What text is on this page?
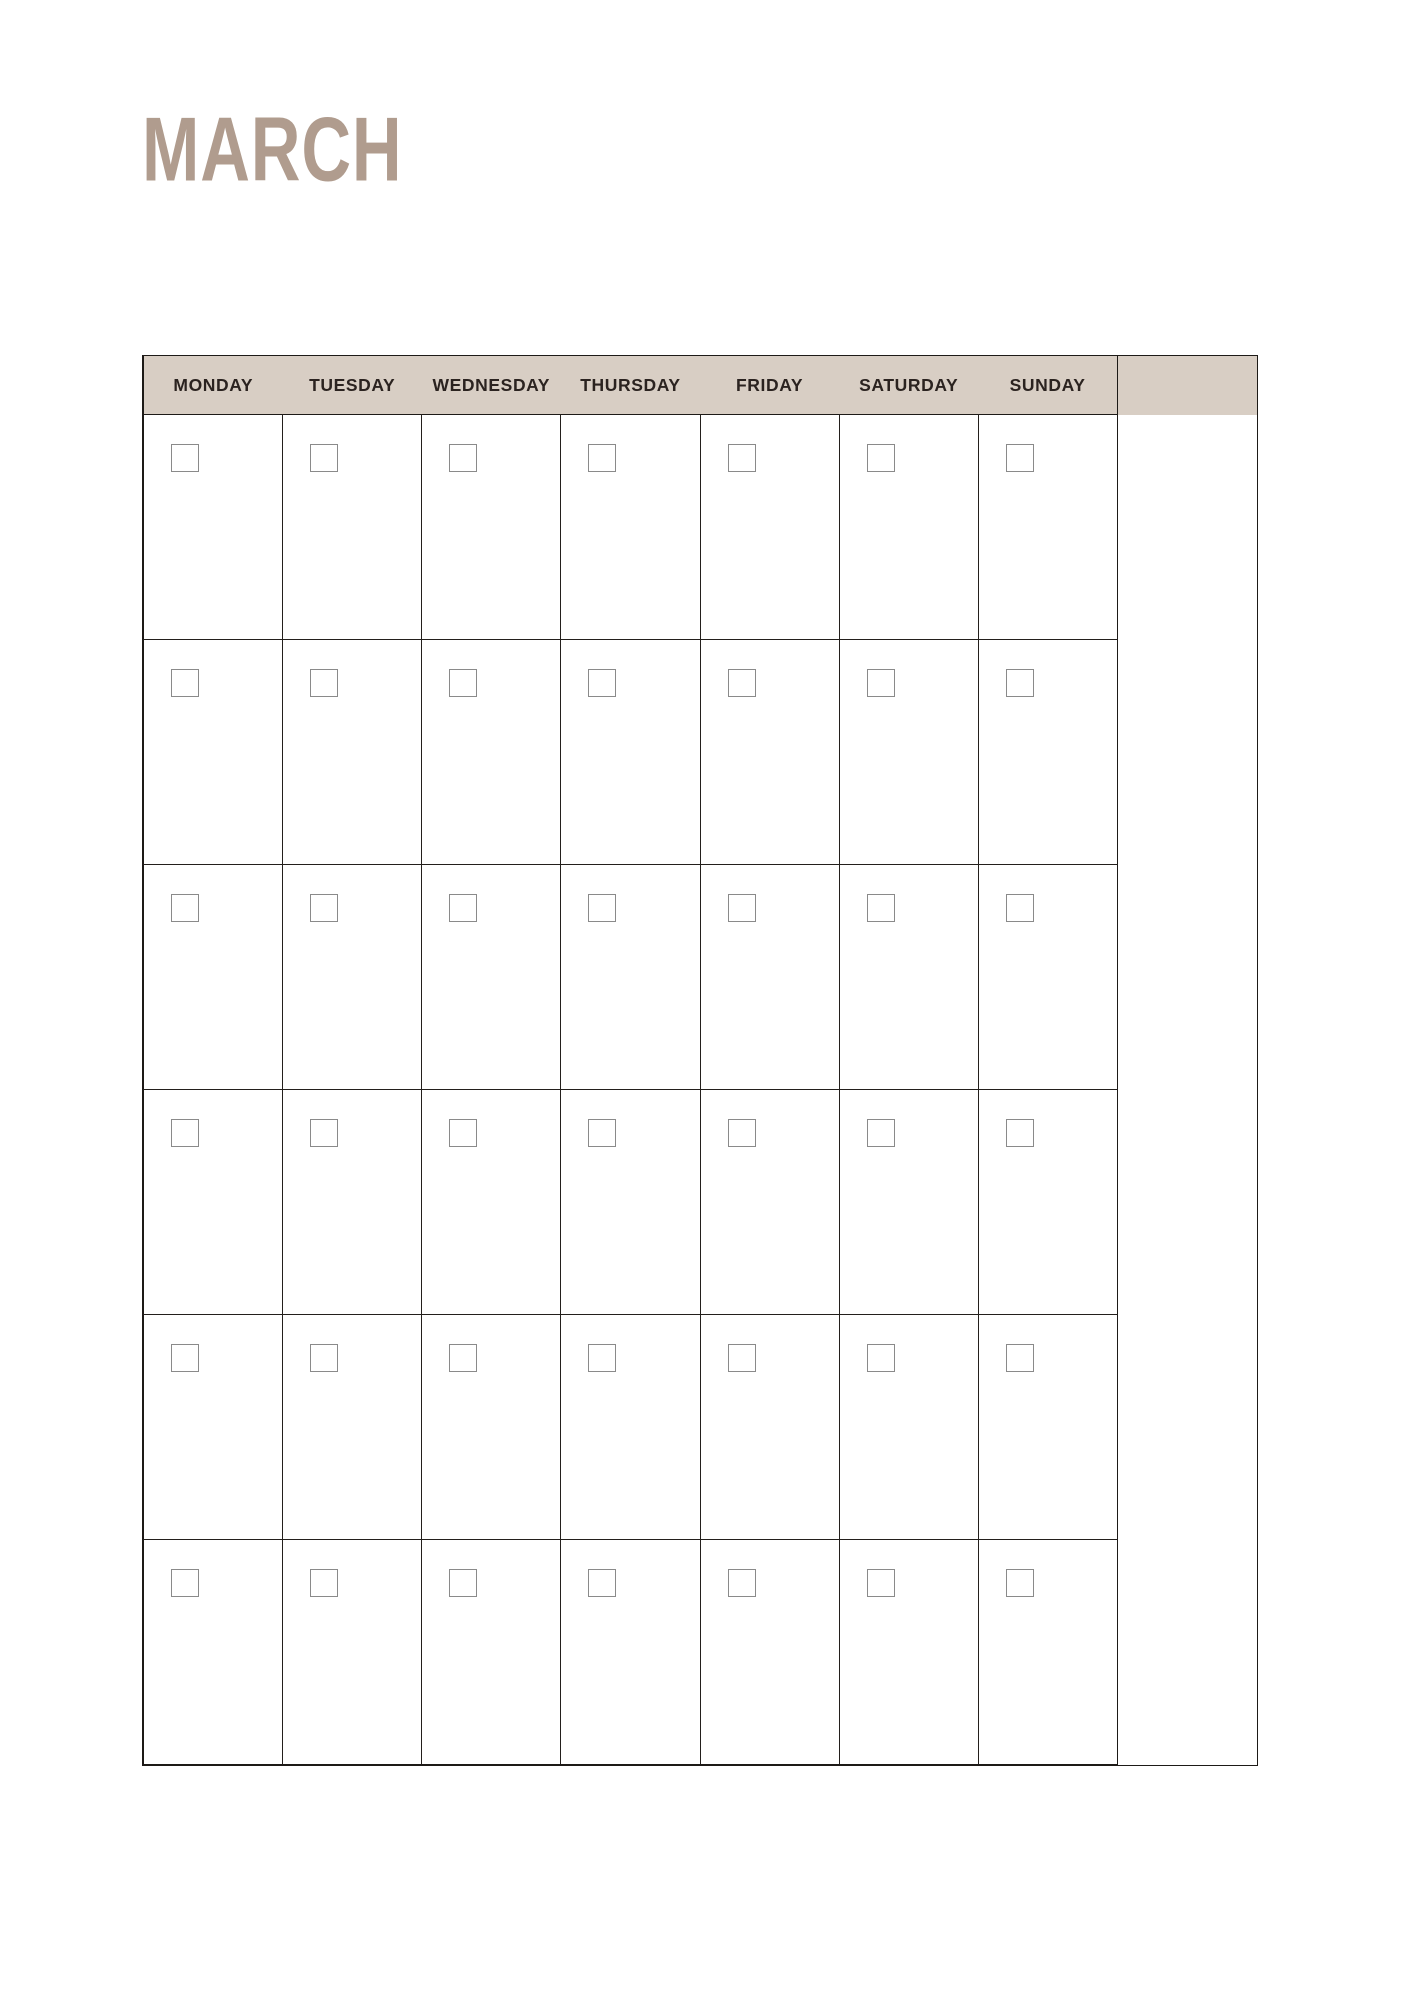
MARCH
MONDAY	TUESDAY	WEDNESDAY	THURSDAY	FRIDAY	SATURDAY	SUNDAY	
